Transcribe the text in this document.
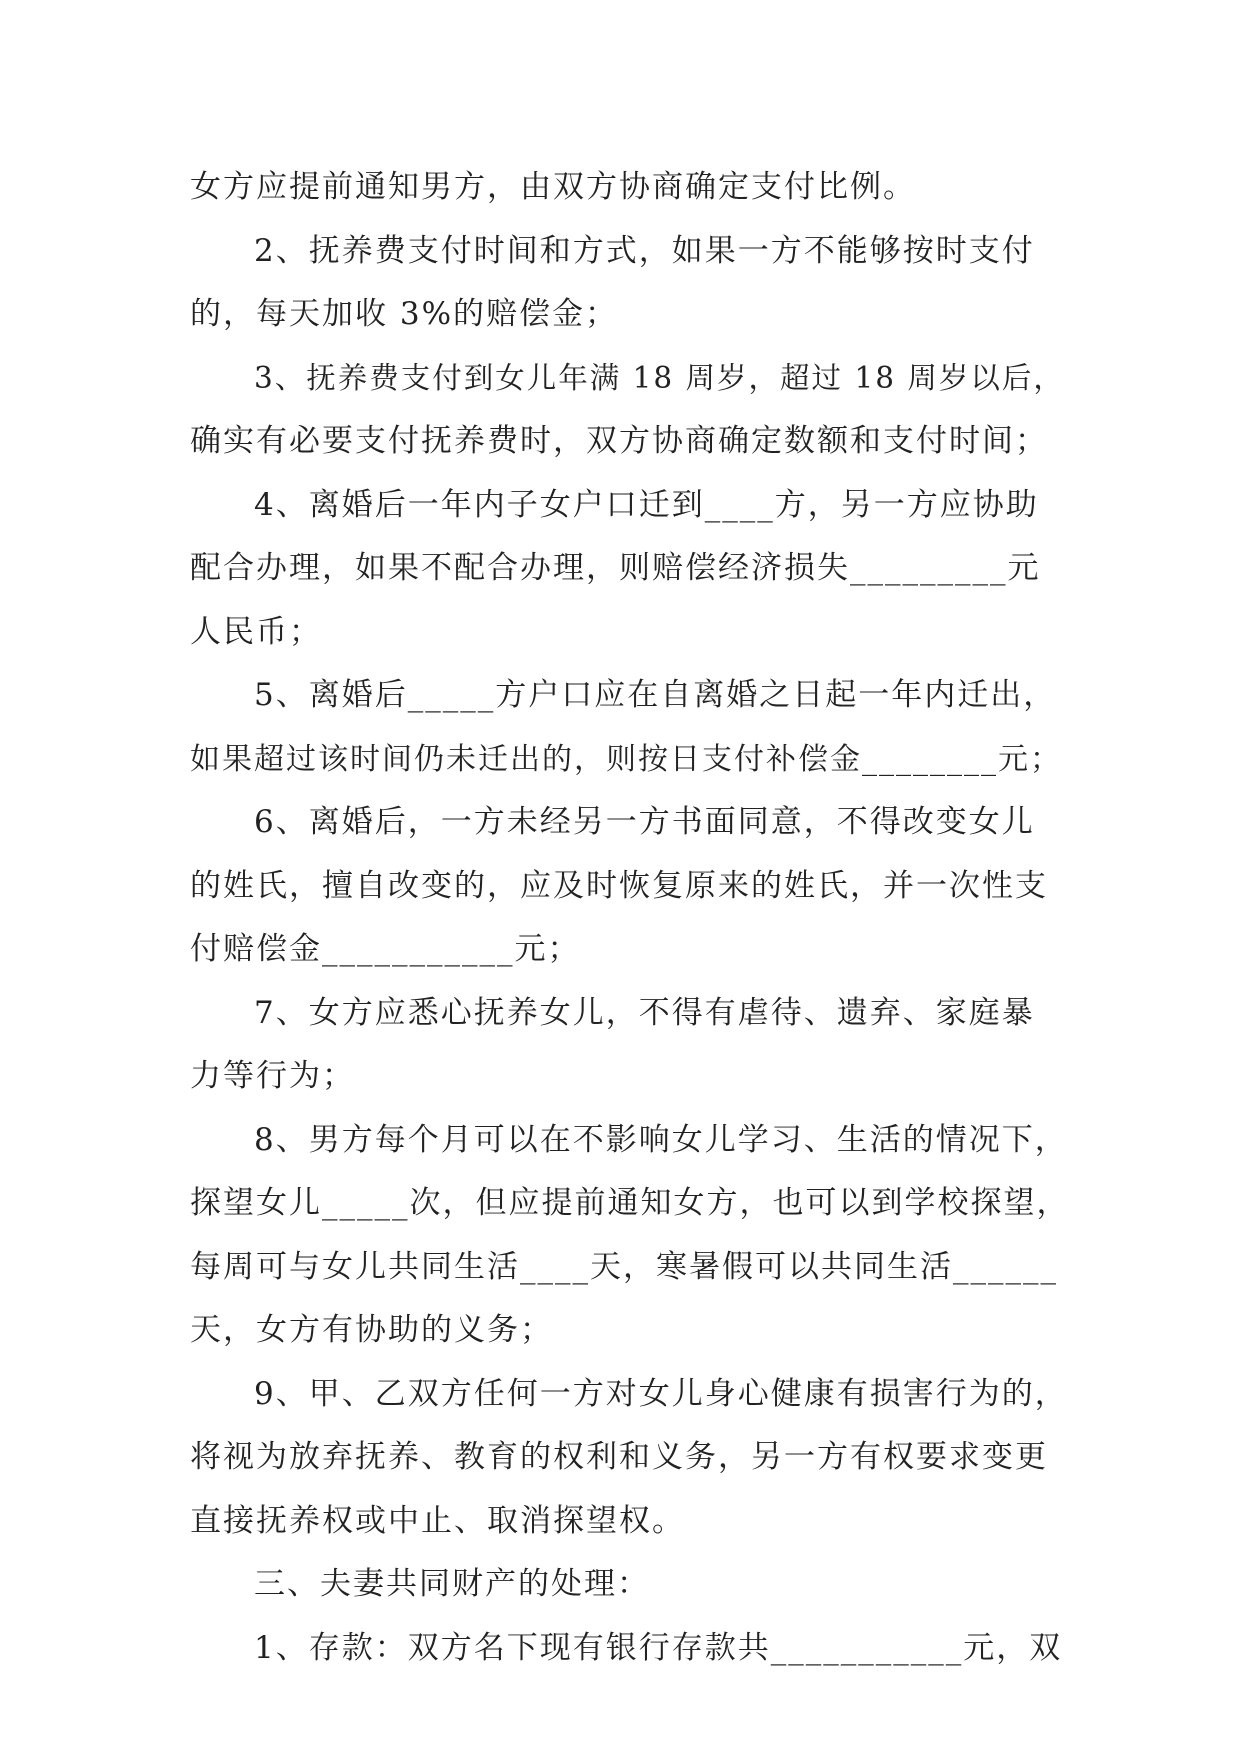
女方应提前通知男方，由双方协商确定支付比例。
2、抚养费支付时间和方式，如果一方不能够按时支付
的，每天加收 3%的赔偿金；
3、抚养费支付到女儿年满 18 周岁，超过 18 周岁以后，
确实有必要支付抚养费时，双方协商确定数额和支付时间；
4、离婚后一年内子女户口迁到____方，另一方应协助
配合办理，如果不配合办理，则赔偿经济损失_________元
人民币；
5、离婚后_____方户口应在自离婚之日起一年内迁出，
如果超过该时间仍未迁出的，则按日支付补偿金________元；
6、离婚后，一方未经另一方书面同意，不得改变女儿
的姓氏，擅自改变的，应及时恢复原来的姓氏，并一次性支
付赔偿金___________元；
7、女方应悉心抚养女儿，不得有虐待、遗弃、家庭暴
力等行为；
8、男方每个月可以在不影响女儿学习、生活的情况下，
探望女儿_____次，但应提前通知女方，也可以到学校探望，
每周可与女儿共同生活____天，寒暑假可以共同生活______
天，女方有协助的义务；
9、甲、乙双方任何一方对女儿身心健康有损害行为的，
将视为放弃抚养、教育的权利和义务，另一方有权要求变更
直接抚养权或中止、取消探望权。
三、夫妻共同财产的处理：
1、存款：双方名下现有银行存款共___________元，双
